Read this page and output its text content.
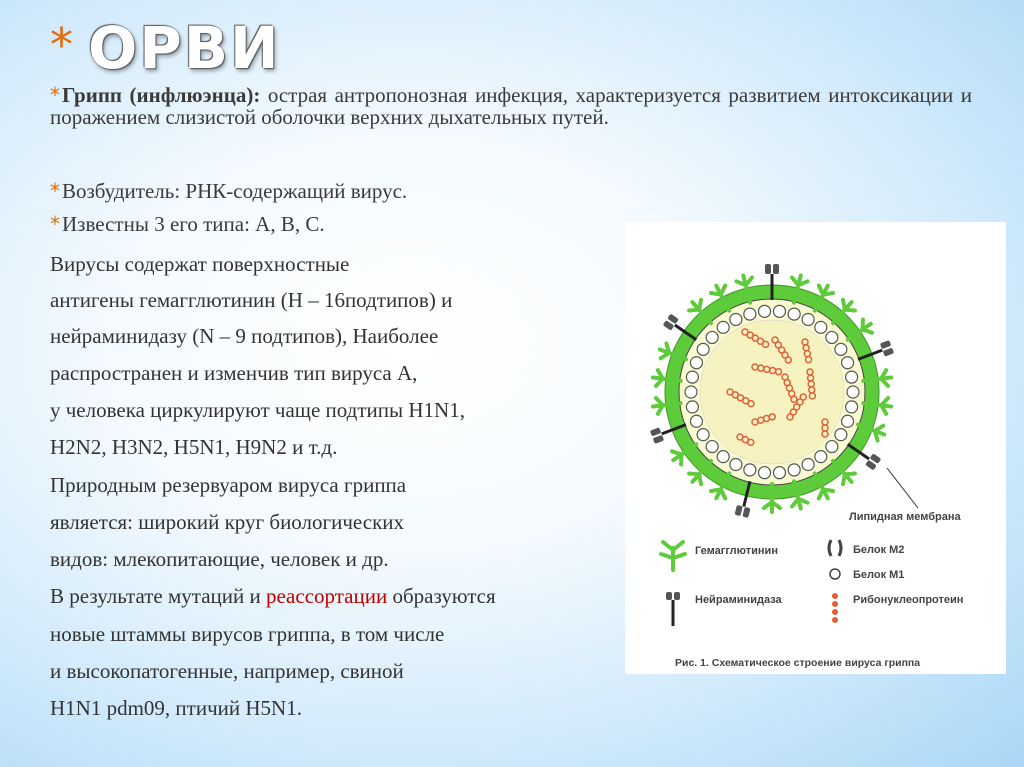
* ОРВИ
*Грипп (инфлюэнца): острая антропонозная инфекция, характеризуется развитием интоксикации и поражением слизистой оболочки верхних дыхательных путей.
*Возбудитель: РНК-содержащий вирус.
*Известны 3 его типа: А, В, С.
Вирусы содержат поверхностные
антигены гемагглютинин (Н – 16подтипов) и
нейраминидазу (N – 9 подтипов), Наиболее
распространен и изменчив тип вируса А,
у человека циркулируют чаще подтипы Н1N1,
Н2N2, Н3N2, Н5N1, Н9N2 и т.д.
Природным резервуаром вируса гриппа
является: широкий круг биологических
видов: млекопитающие, человек и др.
В результате мутаций и реассортации образуются
новые штаммы вирусов гриппа, в том числе
и высокопатогенные, например, свиной
Н1N1 pdm09, птичий Н5N1.
Липидная мембрана
Гемагглютинин	Белок М2
Белок М1
Нейраминидаза	Рибонуклеопротеин
Рис. 1. Схематическое строение вируса гриппа
